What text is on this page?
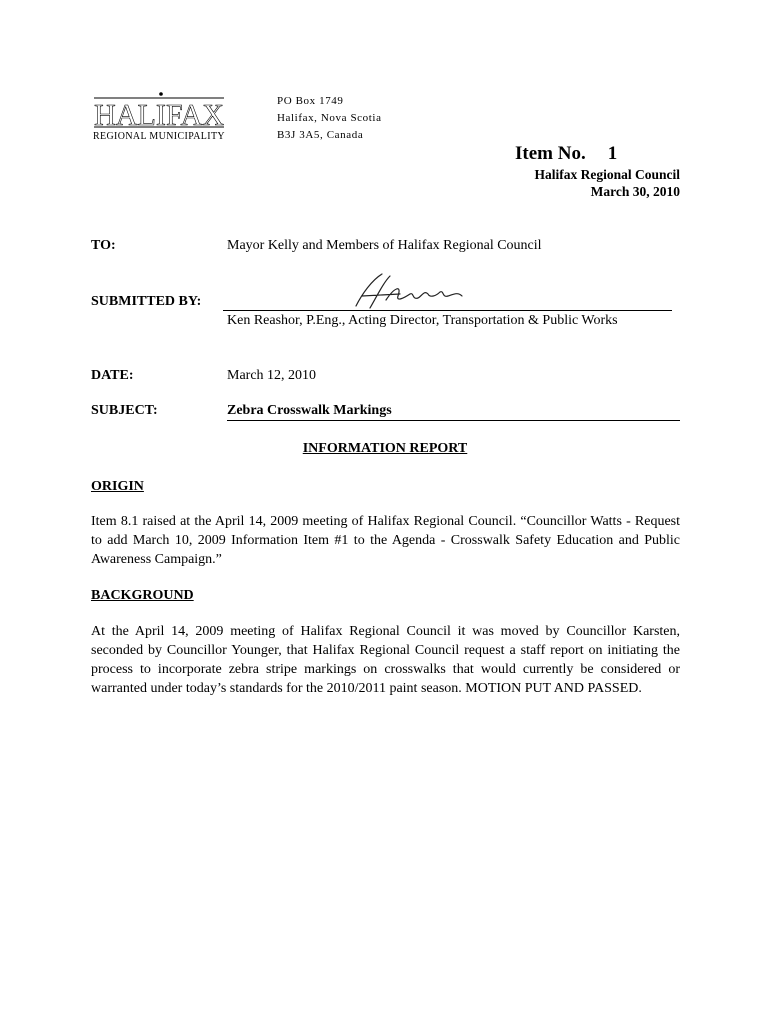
HALIFAX
REGIONAL MUNICIPALITY
PO Box 1749
Halifax, Nova Scotia
B3J 3A5, Canada
Item No. 1
Halifax Regional Council
March 30, 2010
TO:	Mayor Kelly and Members of Halifax Regional Council
SUBMITTED BY:
Ken Reashor, P.Eng., Acting Director, Transportation & Public Works
DATE:	March 12, 2010
SUBJECT:	Zebra Crosswalk Markings
INFORMATION REPORT
ORIGIN
Item 8.1 raised at the April 14, 2009 meeting of Halifax Regional Council. “Councillor Watts - Request to add March 10, 2009 Information Item #1 to the Agenda - Crosswalk Safety Education and Public Awareness Campaign.”
BACKGROUND
At the April 14, 2009 meeting of Halifax Regional Council it was moved by Councillor Karsten, seconded by Councillor Younger, that Halifax Regional Council request a staff report on initiating the process to incorporate zebra stripe markings on crosswalks that would currently be considered or warranted under today’s standards for the 2010/2011 paint season. MOTION PUT AND PASSED.
